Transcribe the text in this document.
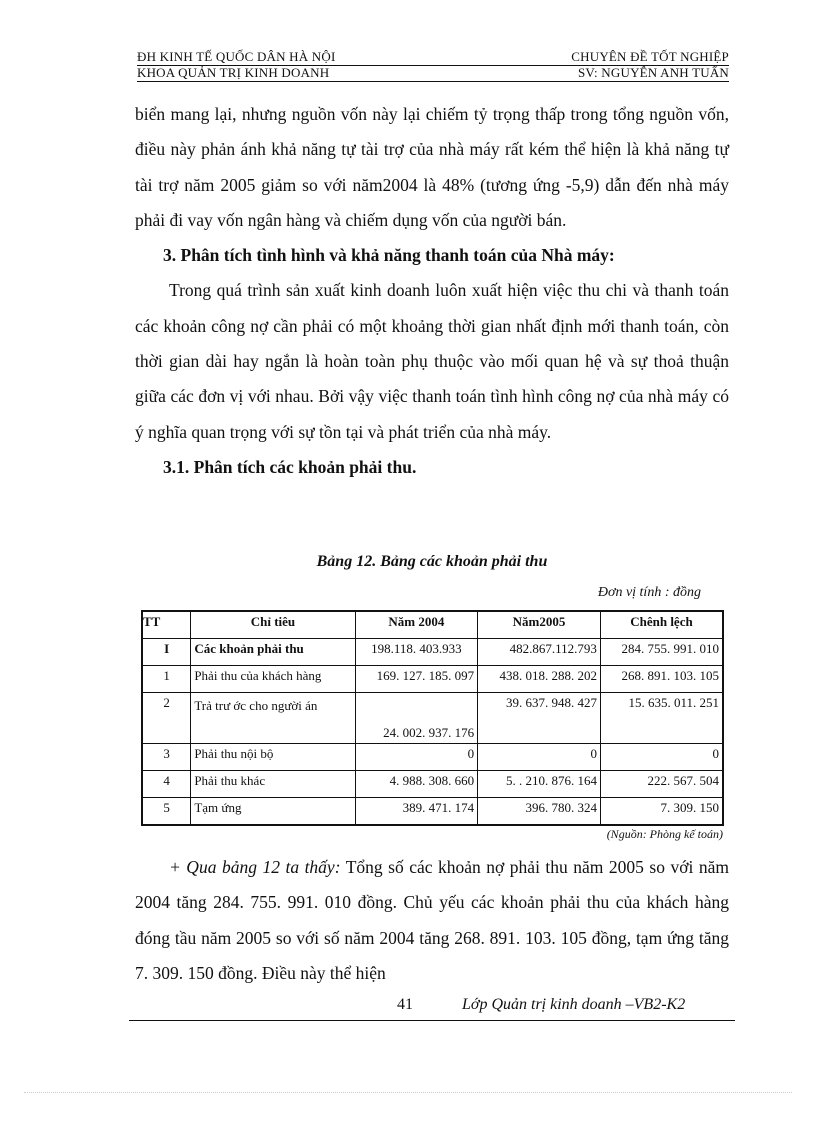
ĐH KINH TẾ QUỐC DÂN HÀ NỘI	CHUYÊN ĐỀ TỐT NGHIỆP
KHOA QUẢN TRỊ KINH DOANH	SV: NGUYỄN ANH TUẤN

biển mang lại, nhưng nguồn vốn này lại chiếm tỷ trọng thấp trong tổng nguồn vốn, điều này phản ánh khả năng tự tài trợ của nhà máy rất kém thể hiện là khả năng tự tài trợ năm 2005 giảm so với năm2004 là 48% (tương ứng -5,9) dẫn đến nhà máy phải đi vay vốn ngân hàng và chiếm dụng vốn của người bán.

3. Phân tích tình hình và khả năng thanh toán của Nhà máy:

Trong quá trình sản xuất kinh doanh luôn xuất hiện việc thu chi và thanh toán các khoản công nợ cần phải có một khoảng thời gian nhất định mới thanh toán, còn thời gian dài hay ngắn là hoàn toàn phụ thuộc vào mối quan hệ và sự thoả thuận giữa các đơn vị với nhau. Bởi vậy việc thanh toán tình hình công nợ của nhà máy có ý nghĩa quan trọng với sự tồn tại và phát triển của nhà máy.

3.1. Phân tích các khoản phải thu.

Bảng 12. Bảng các khoản phải thu
Đơn vị tính : đồng
TT	Chỉ tiêu	Năm 2004	Năm2005	Chênh lệch
I	Các khoản phải thu	198.118. 403.933	482.867.112.793	284. 755. 991. 010
1	Phải thu của khách hàng	169. 127. 185. 097	438. 018. 288. 202	268. 891. 103. 105
2	Trả trư ớc cho người án	24. 002. 937. 176	39. 637. 948. 427	15. 635. 011. 251
3	Phải thu nội bộ	0	0	0
4	Phải thu khác	4. 988. 308. 660	5. . 210. 876. 164	222. 567. 504
5	Tạm ứng	389. 471. 174	396. 780. 324	7. 309. 150
(Nguồn: Phòng kế toán)

+ Qua bảng 12 ta thấy: Tổng số các khoản nợ phải thu năm 2005 so với năm 2004 tăng 284. 755. 991. 010 đồng. Chủ yếu các khoản phải thu của khách hàng đóng tầu năm 2005 so với số năm 2004 tăng 268. 891. 103. 105 đồng, tạm ứng tăng 7. 309. 150 đồng. Điều này thể hiện

41	Lớp Quản trị kinh doanh –VB2-K2
